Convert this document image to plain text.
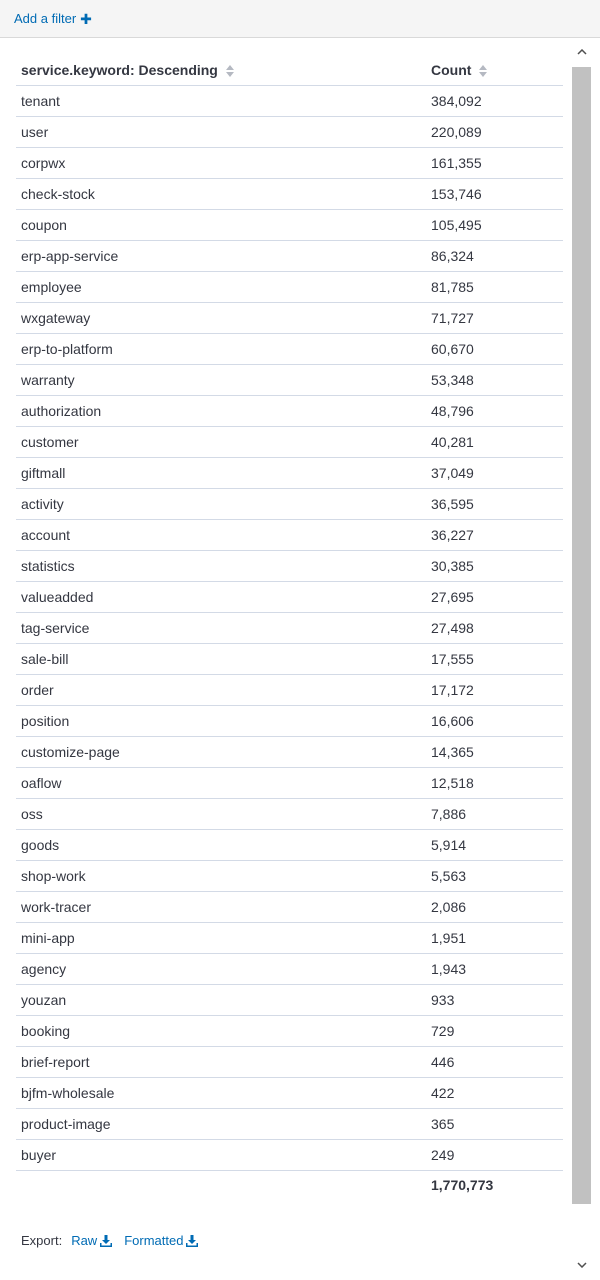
Add a filter ✚
service.keyword: Descending	Count
tenant	384,092
user	220,089
corpwx	161,355
check-stock	153,746
coupon	105,495
erp-app-service	86,324
employee	81,785
wxgateway	71,727
erp-to-platform	60,670
warranty	53,348
authorization	48,796
customer	40,281
giftmall	37,049
activity	36,595
account	36,227
statistics	30,385
valueadded	27,695
tag-service	27,498
sale-bill	17,555
order	17,172
position	16,606
customize-page	14,365
oaflow	12,518
oss	7,886
goods	5,914
shop-work	5,563
work-tracer	2,086
mini-app	1,951
agency	1,943
youzan	933
booking	729
brief-report	446
bjfm-wholesale	422
product-image	365
buyer	249
	1,770,773
Export: Raw Formatted
